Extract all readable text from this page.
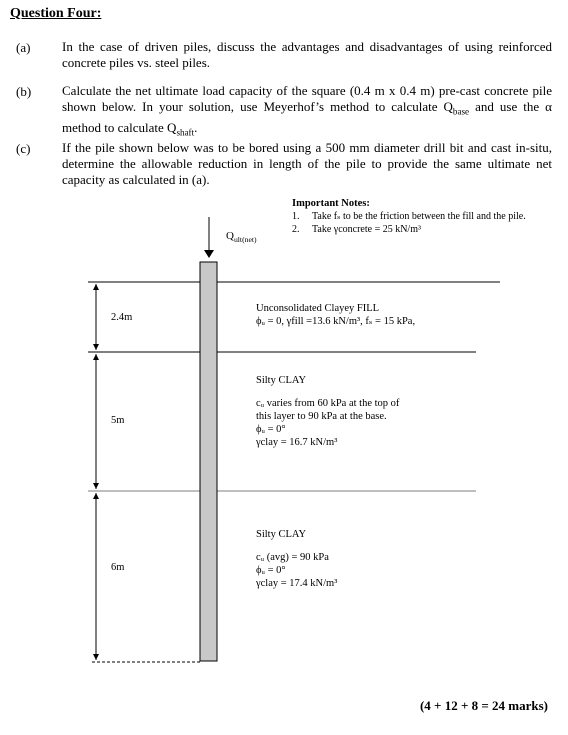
Question Four:
(a) In the case of driven piles, discuss the advantages and disadvantages of using reinforced concrete piles vs. steel piles.
(b) Calculate the net ultimate load capacity of the square (0.4 m x 0.4 m) pre-cast concrete pile shown below. In your solution, use Meyerhof’s method to calculate $Q_{base}$ and use the α method to calculate $Q_{shaft}$.
(c) If the pile shown below was to be bored using a 500 mm diameter drill bit and cast in-situ, determine the allowable reduction in length of the pile to provide the same ultimate net capacity as calculated in (a).
Important Notes:
1.	Take fₛ to be the friction between the fill and the pile.
2.	Take γconcrete = 25 kN/m³
$Q_{ult(net)}$
2.4m
5m
6m
Unconsolidated Clayey FILL
ϕᵤ = 0, γfill =13.6 kN/m³, fₛ = 15 kPa,
Silty CLAY
cᵤ varies from 60 kPa at the top of
this layer to 90 kPa at the base.
ϕᵤ = 0°
γclay = 16.7 kN/m³
Silty CLAY
cᵤ (avg) = 90 kPa
ϕᵤ = 0°
γclay = 17.4 kN/m³
(4 + 12 + 8 = 24 marks)
